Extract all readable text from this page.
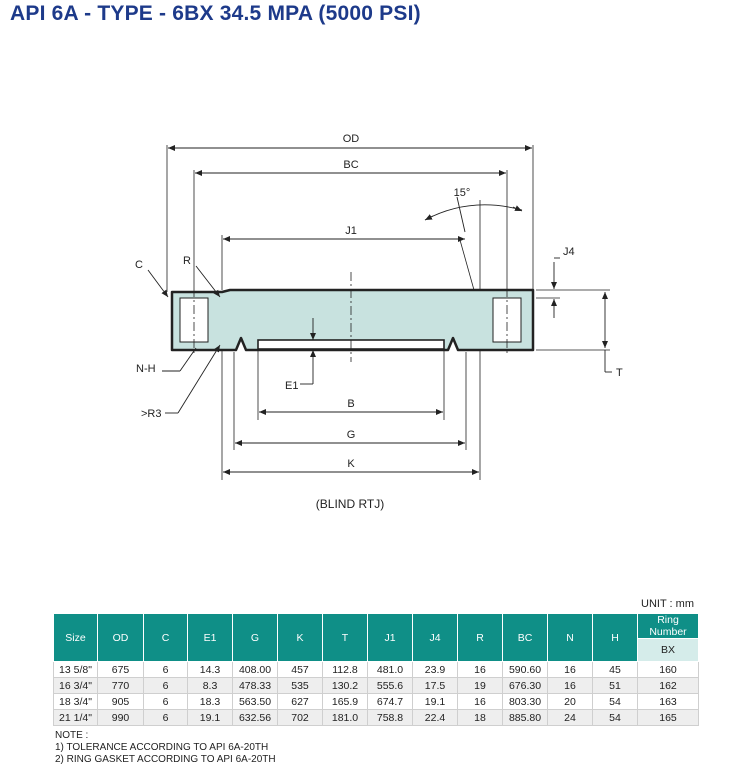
API 6A - TYPE - 6BX 34.5 MPA (5000 PSI)
OD
BC
15°
J1
J4
C	R
N-H
E1
>R3
B
G
K
T
(BLIND RTJ)
UNIT : mm
Size	OD	C	E1	G	K	T	J1	J4	R	BC	N	H	Ring Number
													BX
13 5/8"	675	6	14.3	408.00	457	112.8	481.0	23.9	16	590.60	16	45	160
16 3/4"	770	6	8.3	478.33	535	130.2	555.6	17.5	19	676.30	16	51	162
18 3/4"	905	6	18.3	563.50	627	165.9	674.7	19.1	16	803.30	20	54	163
21 1/4"	990	6	19.1	632.56	702	181.0	758.8	22.4	18	885.80	24	54	165
NOTE :
1) TOLERANCE ACCORDING TO API 6A-20TH
2) RING GASKET ACCORDING TO API 6A-20TH
